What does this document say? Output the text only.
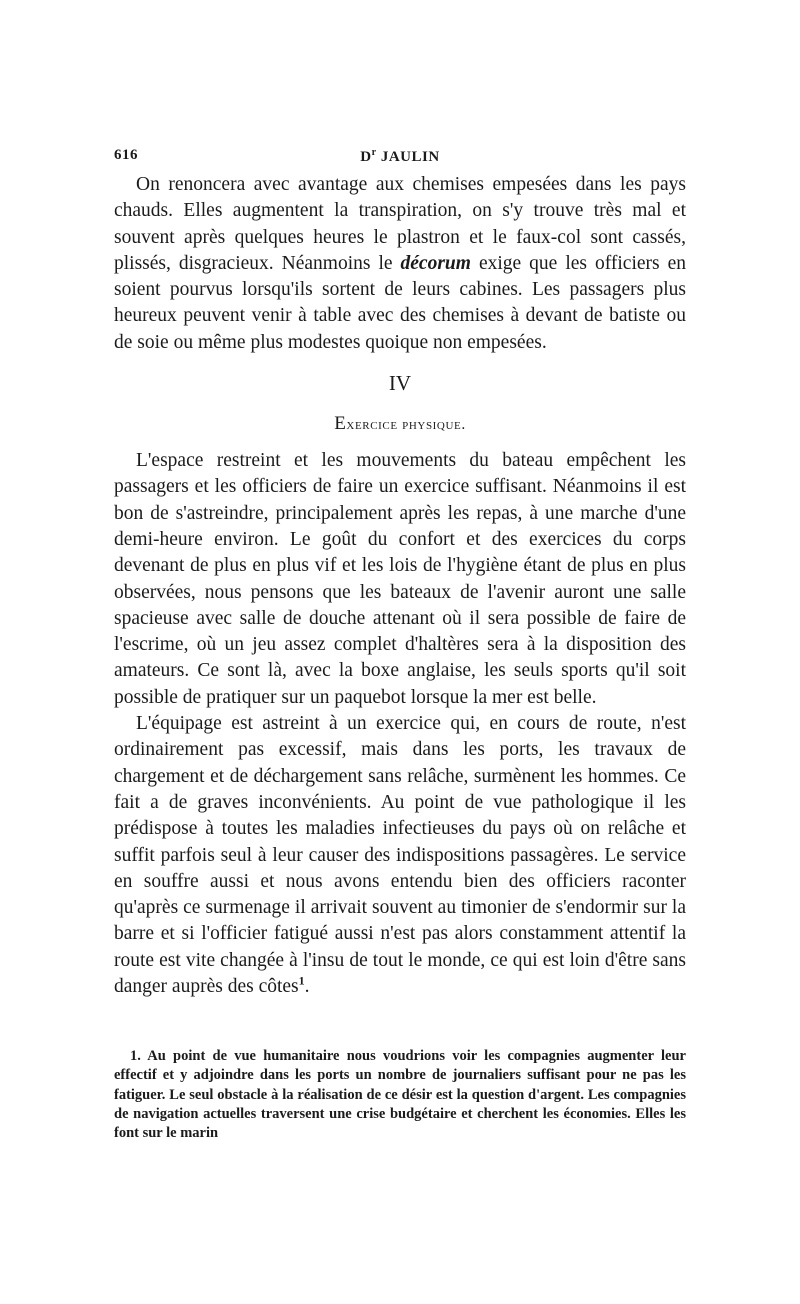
616	$D^r$ JAULIN

On renoncera avec avantage aux chemises empesées dans les pays chauds. Elles augmentent la transpiration, on s'y trouve très mal et souvent après quelques heures le plastron et le faux-col sont cassés, plissés, disgracieux. Néanmoins le décorum exige que les officiers en soient pourvus lorsqu'ils sortent de leurs cabines. Les passagers plus heureux peuvent venir à table avec des chemises à devant de batiste ou de soie ou même plus modestes quoique non empesées.

IV
Exercice physique.

L'espace restreint et les mouvements du bateau empêchent les passagers et les officiers de faire un exercice suffisant. Néanmoins il est bon de s'astreindre, principalement après les repas, à une marche d'une demi-heure environ. Le goût du confort et des exercices du corps devenant de plus en plus vif et les lois de l'hygiène étant de plus en plus observées, nous pensons que les bateaux de l'avenir auront une salle spacieuse avec salle de douche attenant où il sera possible de faire de l'escrime, où un jeu assez complet d'haltères sera à la disposition des amateurs. Ce sont là, avec la boxe anglaise, les seuls sports qu'il soit possible de pratiquer sur un paquebot lorsque la mer est belle.

L'équipage est astreint à un exercice qui, en cours de route, n'est ordinairement pas excessif, mais dans les ports, les travaux de chargement et de déchargement sans relâche, surmènent les hommes. Ce fait a de graves inconvénients. Au point de vue pathologique il les prédispose à toutes les maladies infectieuses du pays où on relâche et suffit parfois seul à leur causer des indispositions passagères. Le service en souffre aussi et nous avons entendu bien des officiers raconter qu'après ce surmenage il arrivait souvent au timonier de s'endormir sur la barre et si l'officier fatigué aussi n'est pas alors constamment attentif la route est vite changée à l'insu de tout le monde, ce qui est loin d'être sans danger auprès des côtes$^1$.

1. Au point de vue humanitaire nous voudrions voir les compagnies augmenter leur effectif et y adjoindre dans les ports un nombre de journaliers suffisant pour ne pas les fatiguer. Le seul obstacle à la réalisation de ce désir est la question d'argent. Les compagnies de navigation actuelles traversent une crise budgétaire et cherchent les économies. Elles les font sur le marin
